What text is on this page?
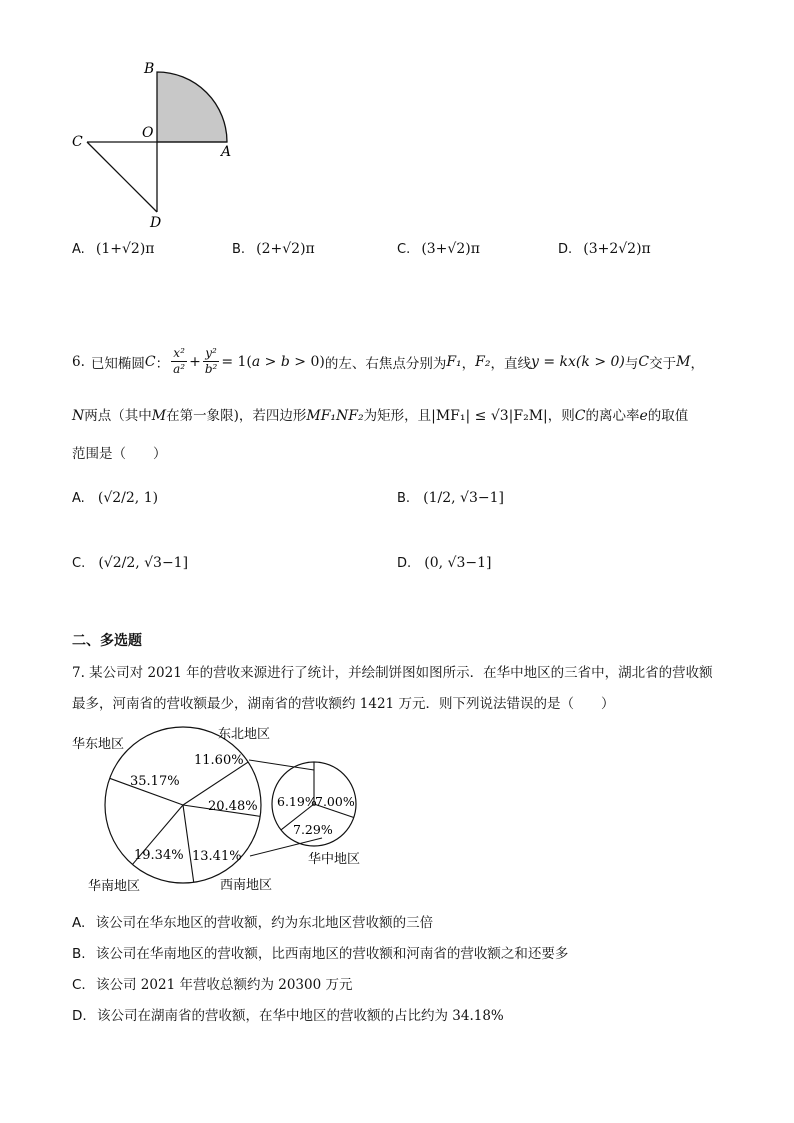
B
O
C
A
D
A. (1+√2)π	B. (2+√2)π	C. (3+√2)π	D. (3+2√2)π
6. 已知椭圆 C ：
x²
$a^2 + \frac{\text{y²}}{\text{b²}} = 1(a > b > 0)$ 的左、右焦点分别为 F₁ ， F₂ ，直线 y = kx(k > 0) 与 C 交于 M ，
N两点（其中M在第一象限)，若四边形MF₁NF₂为矩形，且|MF₁| ≤ √3|F₂M|，则C的离心率e的取值
范围是（　　）
A. (√2/2, 1)	B. (1/2, √3−1]
C. (√2/2, √3−1]	D. (0, √3−1]
二、多选题
7. 某公司对 2021 年的营收来源进行了统计，并绘制饼图如图所示．在华中地区的三省中，湖北省的营收额
最多，河南省的营收额最少，湖南省的营收额约 1421 万元．则下列说法错误的是（　　）
华东地区
东北地区
华中地区
西南地区
华南地区
35.17%
11.60%
20.48%
13.41%
19.34%
6.19%
7.00%
7.29%
A. 该公司在华东地区的营收额，约为东北地区营收额的三倍
B. 该公司在华南地区的营收额，比西南地区的营收额和河南省的营收额之和还要多
C. 该公司 2021 年营收总额约为 20300 万元
D. 该公司在湖南省的营收额，在华中地区的营收额的占比约为 34.18%
